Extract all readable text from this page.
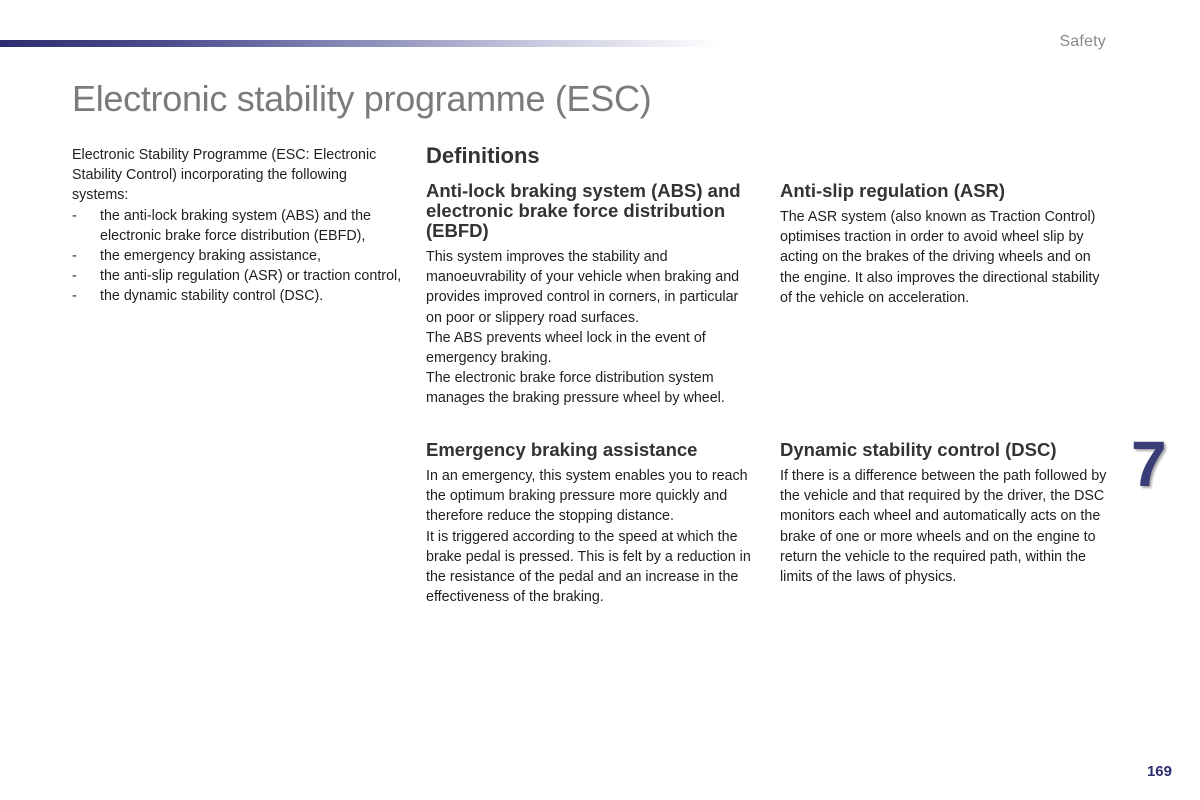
Safety
Electronic stability programme (ESC)

Electronic Stability Programme (ESC: Electronic Stability Control) incorporating the following systems:

- the anti-lock braking system (ABS) and the electronic brake force distribution (EBFD),
- the emergency braking assistance,
- the anti-slip regulation (ASR) or traction control,
- the dynamic stability control (DSC).
Definitions
Anti-lock braking system (ABS) and electronic brake force distribution (EBFD)

This system improves the stability and manoeuvrability of your vehicle when braking and provides improved control in corners, in particular on poor or slippery road surfaces.

The ABS prevents wheel lock in the event of emergency braking.

The electronic brake force distribution system manages the braking pressure wheel by wheel.

Anti-slip regulation (ASR)

The ASR system (also known as Traction Control) optimises traction in order to avoid wheel slip by acting on the brakes of the driving wheels and on the engine. It also improves the directional stability of the vehicle on acceleration.

Emergency braking assistance

In an emergency, this system enables you to reach the optimum braking pressure more quickly and therefore reduce the stopping distance.

It is triggered according to the speed at which the brake pedal is pressed. This is felt by a reduction in the resistance of the pedal and an increase in the effectiveness of the braking.

Dynamic stability control (DSC)

If there is a difference between the path followed by the vehicle and that required by the driver, the DSC monitors each wheel and automatically acts on the brake of one or more wheels and on the engine to return the vehicle to the required path, within the limits of the laws of physics.

7
169
